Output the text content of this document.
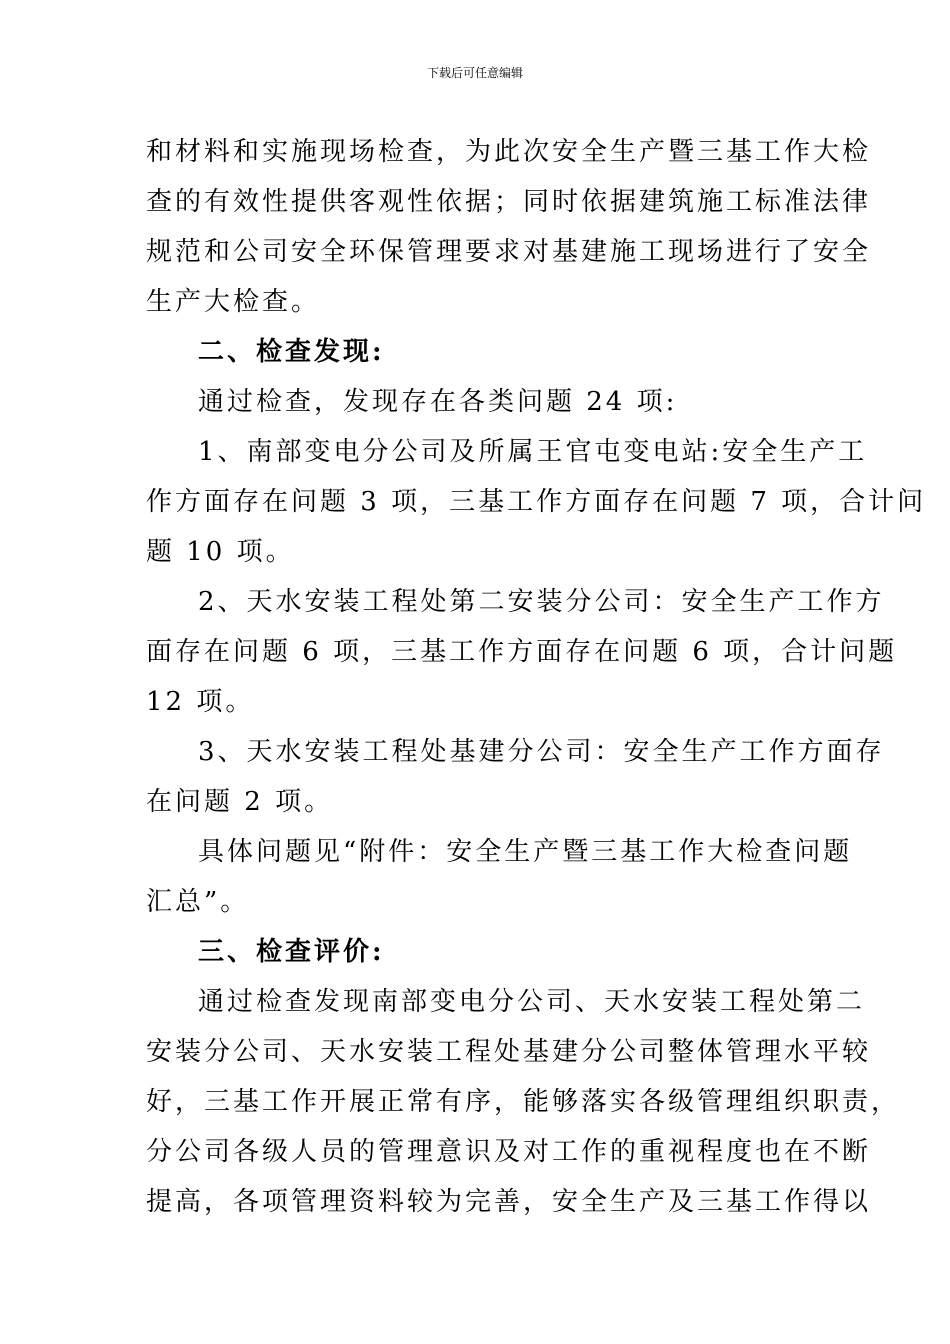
下载后可任意编辑
和材料和实施现场检查，为此次安全生产暨三基工作大检
查的有效性提供客观性依据；同时依据建筑施工标准法律
规范和公司安全环保管理要求对基建施工现场进行了安全
生产大检查。
二、检查发现:
通过检查，发现存在各类问题 24 项:
1、南部变电分公司及所属王官屯变电站:安全生产工
作方面存在问题 3 项，三基工作方面存在问题 7 项，合计问
题 10 项。
2、天水安装工程处第二安装分公司：安全生产工作方
面存在问题 6 项，三基工作方面存在问题 6 项，合计问题
12 项。
3、天水安装工程处基建分公司：安全生产工作方面存
在问题 2 项。
具体问题见“附件：安全生产暨三基工作大检查问题
汇总”。
三、检查评价:
通过检查发现南部变电分公司、天水安装工程处第二
安装分公司、天水安装工程处基建分公司整体管理水平较
好，三基工作开展正常有序，能够落实各级管理组织职责，
分公司各级人员的管理意识及对工作的重视程度也在不断
提高，各项管理资料较为完善，安全生产及三基工作得以
